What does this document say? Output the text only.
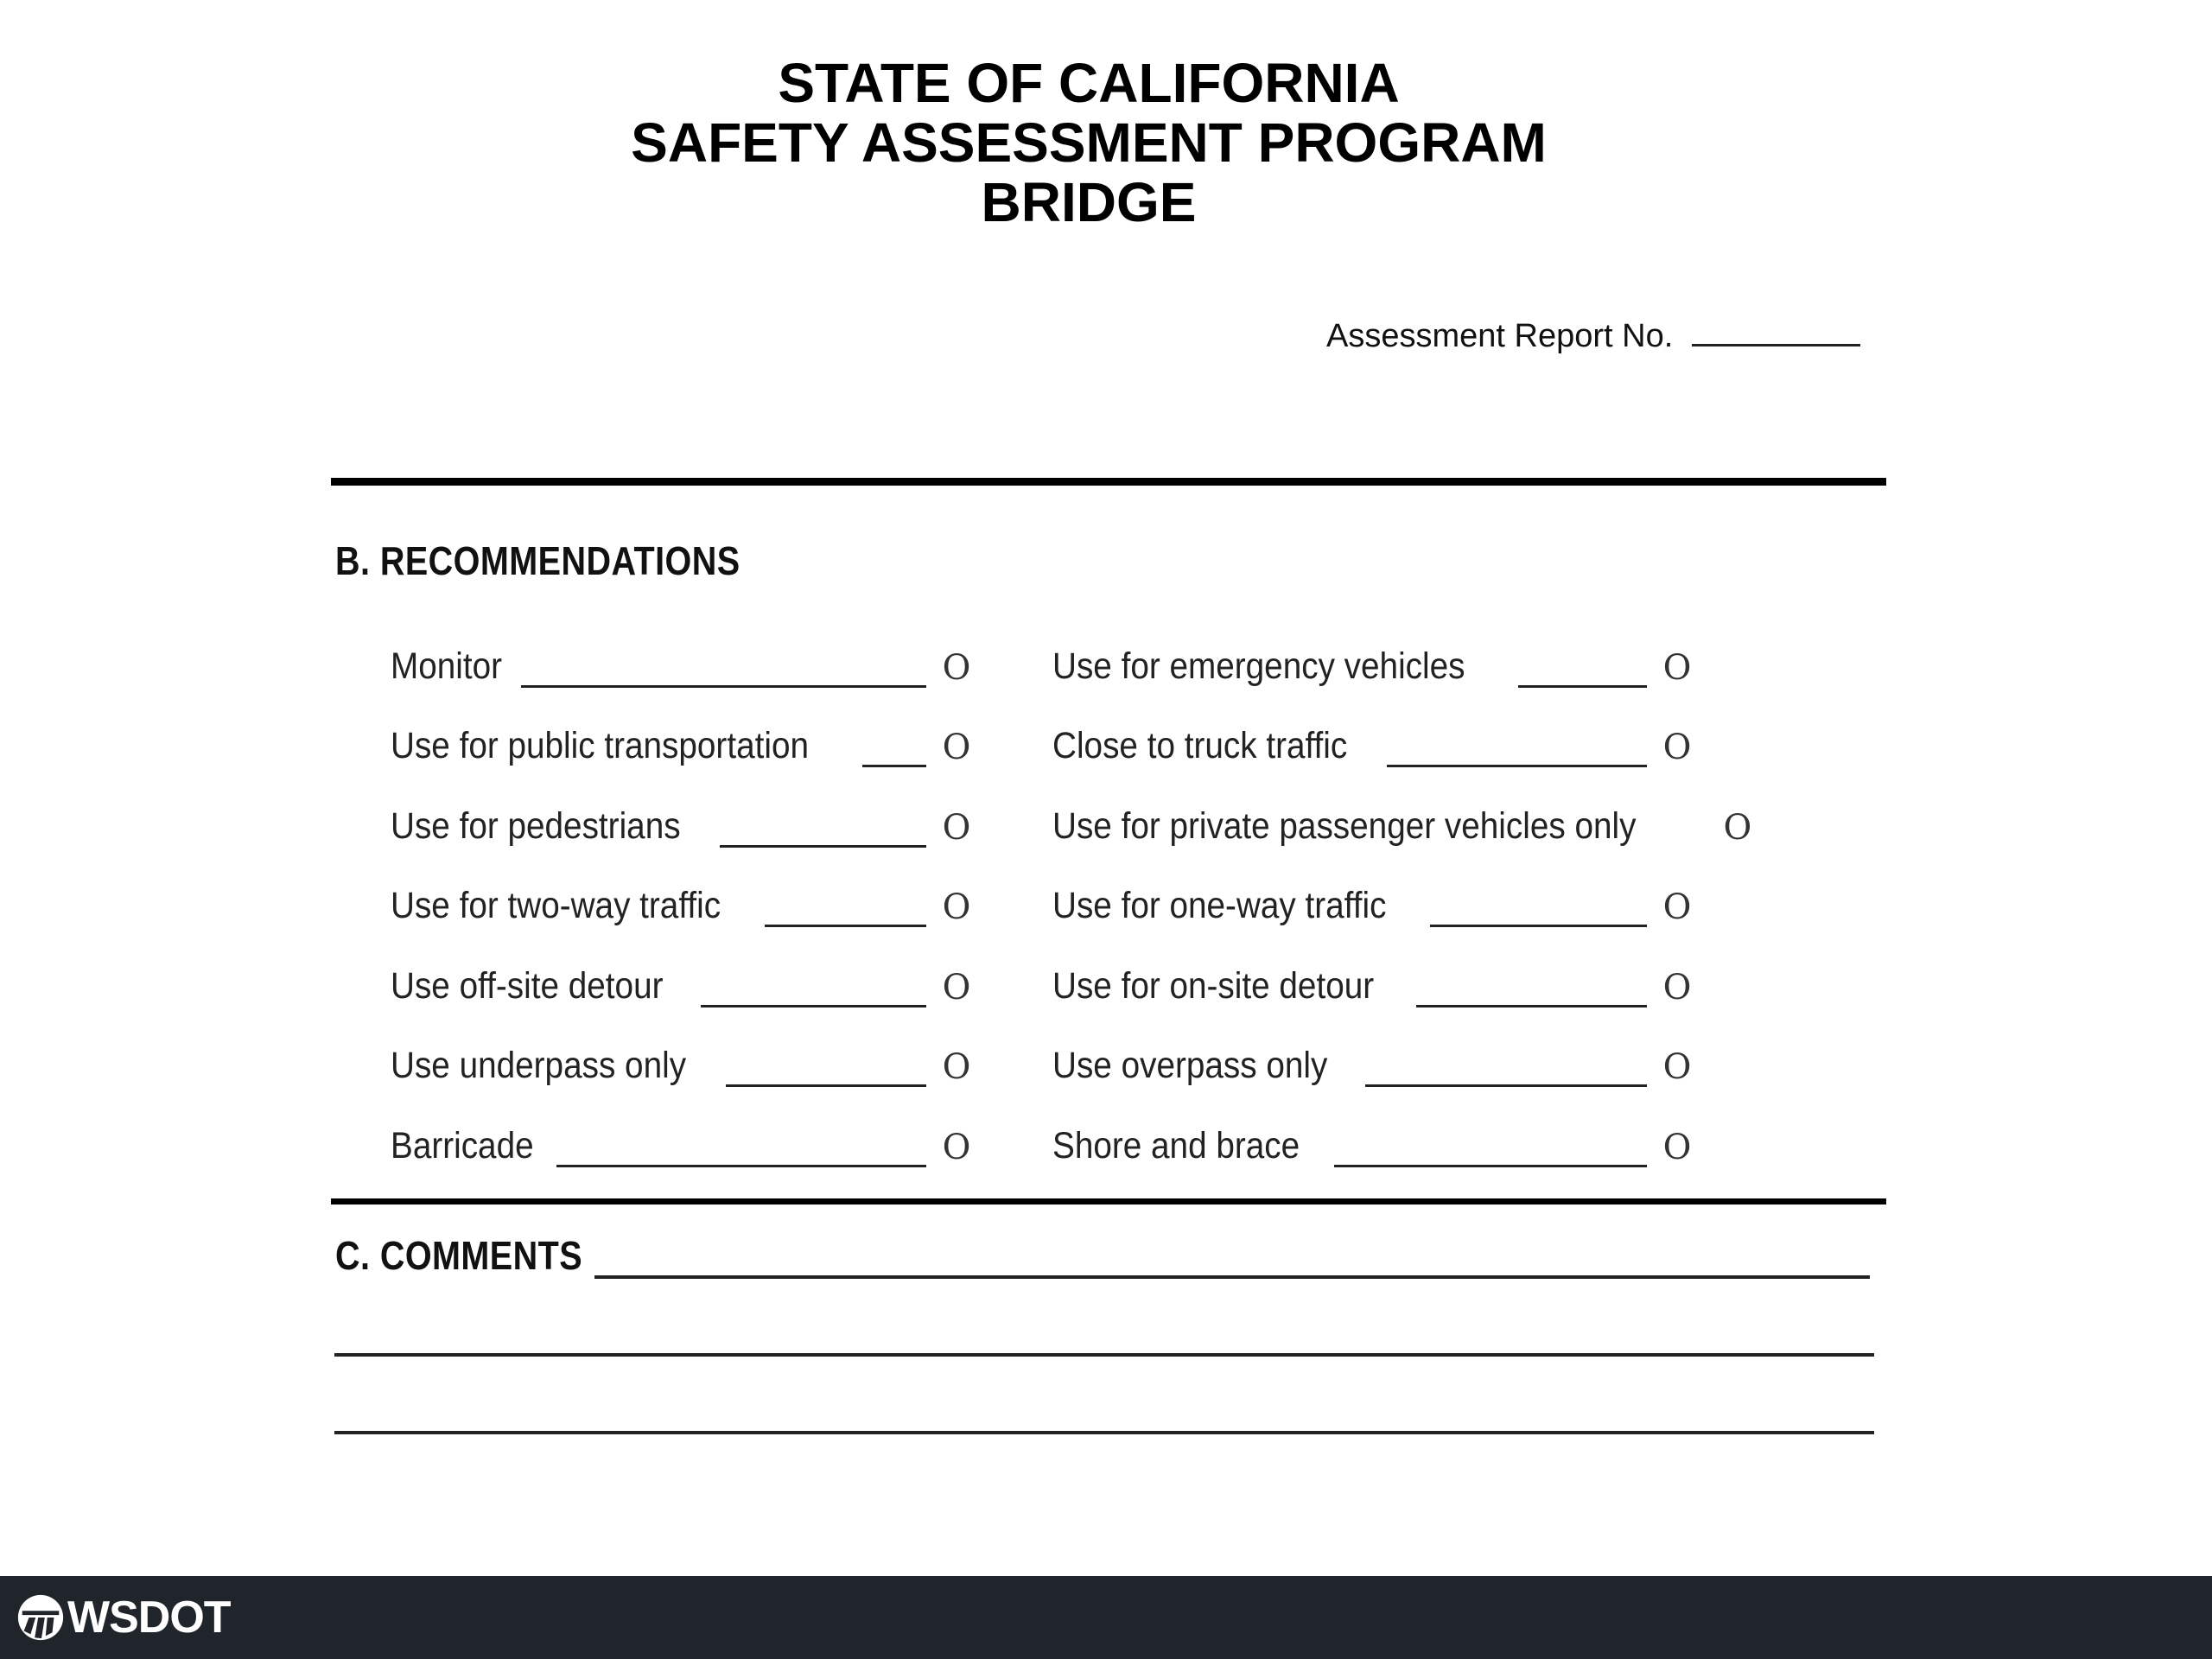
STATE OF CALIFORNIA
SAFETY ASSESSMENT PROGRAM
BRIDGE
Assessment Report No.
B. RECOMMENDATIONS
Monitor	O
Use for public transportation	O
Use for pedestrians	O
Use for two-way traffic	O
Use off-site detour	O
Use underpass only	O
Barricade	O
Use for emergency vehicles	O
Close to truck traffic	O
Use for private passenger vehicles only	O
Use for one-way traffic	O
Use for on-site detour	O
Use overpass only	O
Shore and brace	O
C. COMMENTS
WSDOT
